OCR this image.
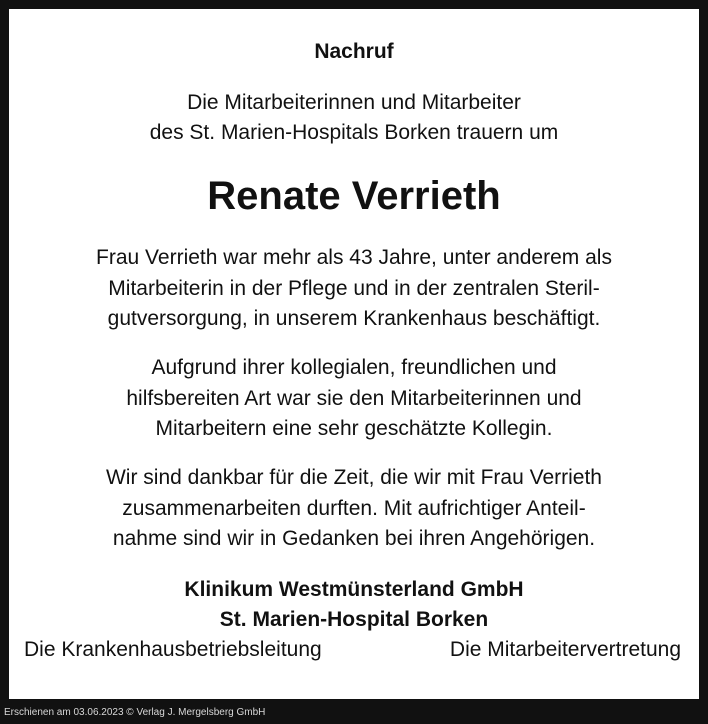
Nachruf
Die Mitarbeiterinnen und Mitarbeiter
des St. Marien-Hospitals Borken trauern um
Renate Verrieth
Frau Verrieth war mehr als 43 Jahre, unter anderem als
Mitarbeiterin in der Pflege und in der zentralen Steril-
gutversorgung, in unserem Krankenhaus beschäftigt.
Aufgrund ihrer kollegialen, freundlichen und
hilfsbereiten Art war sie den Mitarbeiterinnen und
Mitarbeitern eine sehr geschätzte Kollegin.
Wir sind dankbar für die Zeit, die wir mit Frau Verrieth
zusammenarbeiten durften. Mit aufrichtiger Anteil-
nahme sind wir in Gedanken bei ihren Angehörigen.
Klinikum Westmünsterland GmbH
St. Marien-Hospital Borken
Die Krankenhausbetriebsleitung	Die Mitarbeitervertretung
Erschienen am 03.06.2023 © Verlag J. Mergelsberg GmbH
